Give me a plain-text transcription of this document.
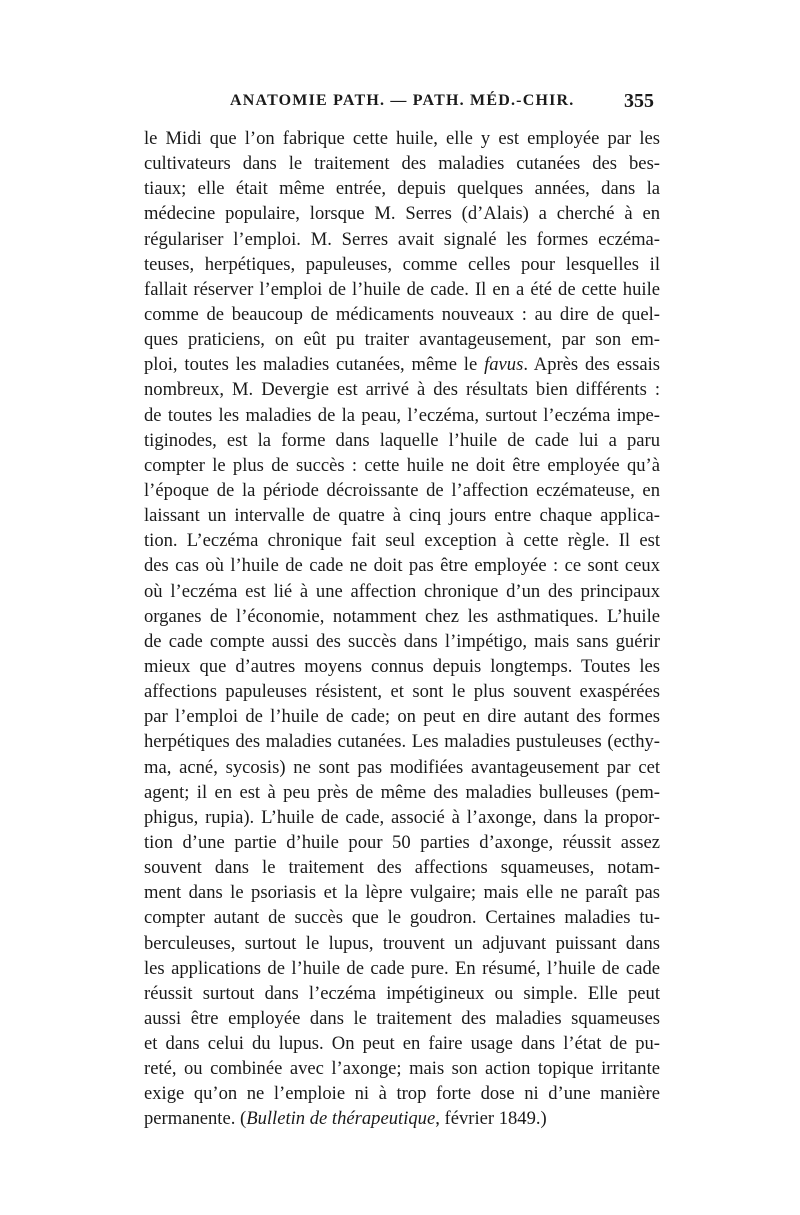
ANATOMIE PATH. — PATH. MÉD.-CHIR. 355
le Midi que l’on fabrique cette huile, elle y est employée par les
cultivateurs dans le traitement des maladies cutanées des bes-
tiaux; elle était même entrée, depuis quelques années, dans la
médecine populaire, lorsque M. Serres (d’Alais) a cherché à en
régulariser l’emploi. M. Serres avait signalé les formes eczéma-
teuses, herpétiques, papuleuses, comme celles pour lesquelles il
fallait réserver l’emploi de l’huile de cade. Il en a été de cette huile
comme de beaucoup de médicaments nouveaux : au dire de quel-
ques praticiens, on eût pu traiter avantageusement, par son em-
ploi, toutes les maladies cutanées, même le favus. Après des essais
nombreux, M. Devergie est arrivé à des résultats bien différents :
de toutes les maladies de la peau, l’eczéma, surtout l’eczéma impe-
tiginodes, est la forme dans laquelle l’huile de cade lui a paru
compter le plus de succès : cette huile ne doit être employée qu’à
l’époque de la période décroissante de l’affection eczémateuse, en
laissant un intervalle de quatre à cinq jours entre chaque applica-
tion. L’eczéma chronique fait seul exception à cette règle. Il est
des cas où l’huile de cade ne doit pas être employée : ce sont ceux
où l’eczéma est lié à une affection chronique d’un des principaux
organes de l’économie, notamment chez les asthmatiques. L’huile
de cade compte aussi des succès dans l’impétigo, mais sans guérir
mieux que d’autres moyens connus depuis longtemps. Toutes les
affections papuleuses résistent, et sont le plus souvent exaspérées
par l’emploi de l’huile de cade; on peut en dire autant des formes
herpétiques des maladies cutanées. Les maladies pustuleuses (ecthy-
ma, acné, sycosis) ne sont pas modifiées avantageusement par cet
agent; il en est à peu près de même des maladies bulleuses (pem-
phigus, rupia). L’huile de cade, associé à l’axonge, dans la propor-
tion d’une partie d’huile pour 50 parties d’axonge, réussit assez
souvent dans le traitement des affections squameuses, notam-
ment dans le psoriasis et la lèpre vulgaire; mais elle ne paraît pas
compter autant de succès que le goudron. Certaines maladies tu-
berculeuses, surtout le lupus, trouvent un adjuvant puissant dans
les applications de l’huile de cade pure. En résumé, l’huile de cade
réussit surtout dans l’eczéma impétigineux ou simple. Elle peut
aussi être employée dans le traitement des maladies squameuses
et dans celui du lupus. On peut en faire usage dans l’état de pu-
reté, ou combinée avec l’axonge; mais son action topique irritante
exige qu’on ne l’emploie ni à trop forte dose ni d’une manière
permanente. (Bulletin de thérapeutique, février 1849.)
